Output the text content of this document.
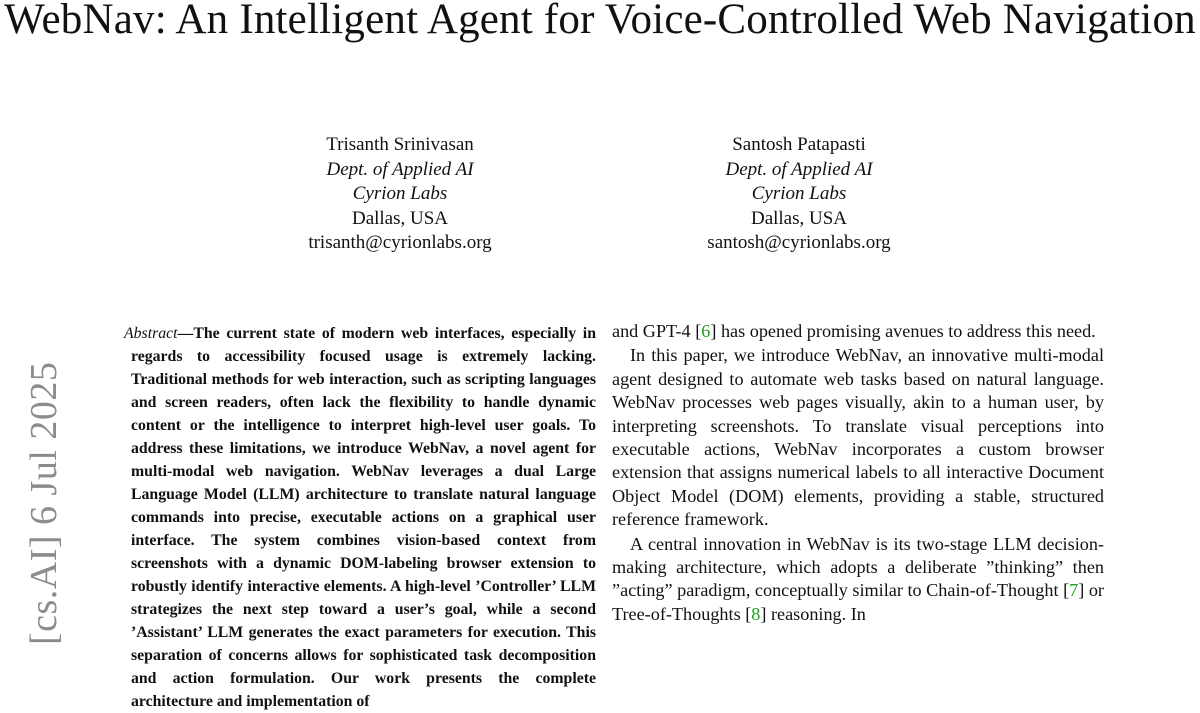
WebNav: An Intelligent Agent for Voice-Controlled Web Navigation
Trisanth Srinivasan
Dept. of Applied AI
Cyrion Labs
Dallas, USA
trisanth@cyrionlabs.org
Santosh Patapasti
Dept. of Applied AI
Cyrion Labs
Dallas, USA
santosh@cyrionlabs.org
[cs.AI] 6 Jul 2025
Abstract—The current state of modern web interfaces, especially in regards to accessibility focused usage is extremely lacking. Traditional methods for web interaction, such as scripting languages and screen readers, often lack the flexibility to handle dynamic content or the intelligence to interpret high-level user goals. To address these limitations, we introduce WebNav, a novel agent for multi-modal web navigation. WebNav leverages a dual Large Language Model (LLM) architecture to translate natural language commands into precise, executable actions on a graphical user interface. The system combines vision-based context from screenshots with a dynamic DOM-labeling browser extension to robustly identify interactive elements. A high-level ’Controller’ LLM strategizes the next step toward a user’s goal, while a second ’Assistant’ LLM generates the exact parameters for execution. This separation of concerns allows for sophisticated task decomposition and action formulation. Our work presents the complete architecture and implementation of

and GPT-4 [6] has opened promising avenues to address this need.

In this paper, we introduce WebNav, an innovative multi-modal agent designed to automate web tasks based on natural language. WebNav processes web pages visually, akin to a human user, by interpreting screenshots. To translate visual perceptions into executable actions, WebNav incorporates a custom browser extension that assigns numerical labels to all interactive Document Object Model (DOM) elements, providing a stable, structured reference framework.

A central innovation in WebNav is its two-stage LLM decision-making architecture, which adopts a deliberate ”thinking” then ”acting” paradigm, conceptually similar to Chain-of-Thought [7] or Tree-of-Thoughts [8] reasoning. In
